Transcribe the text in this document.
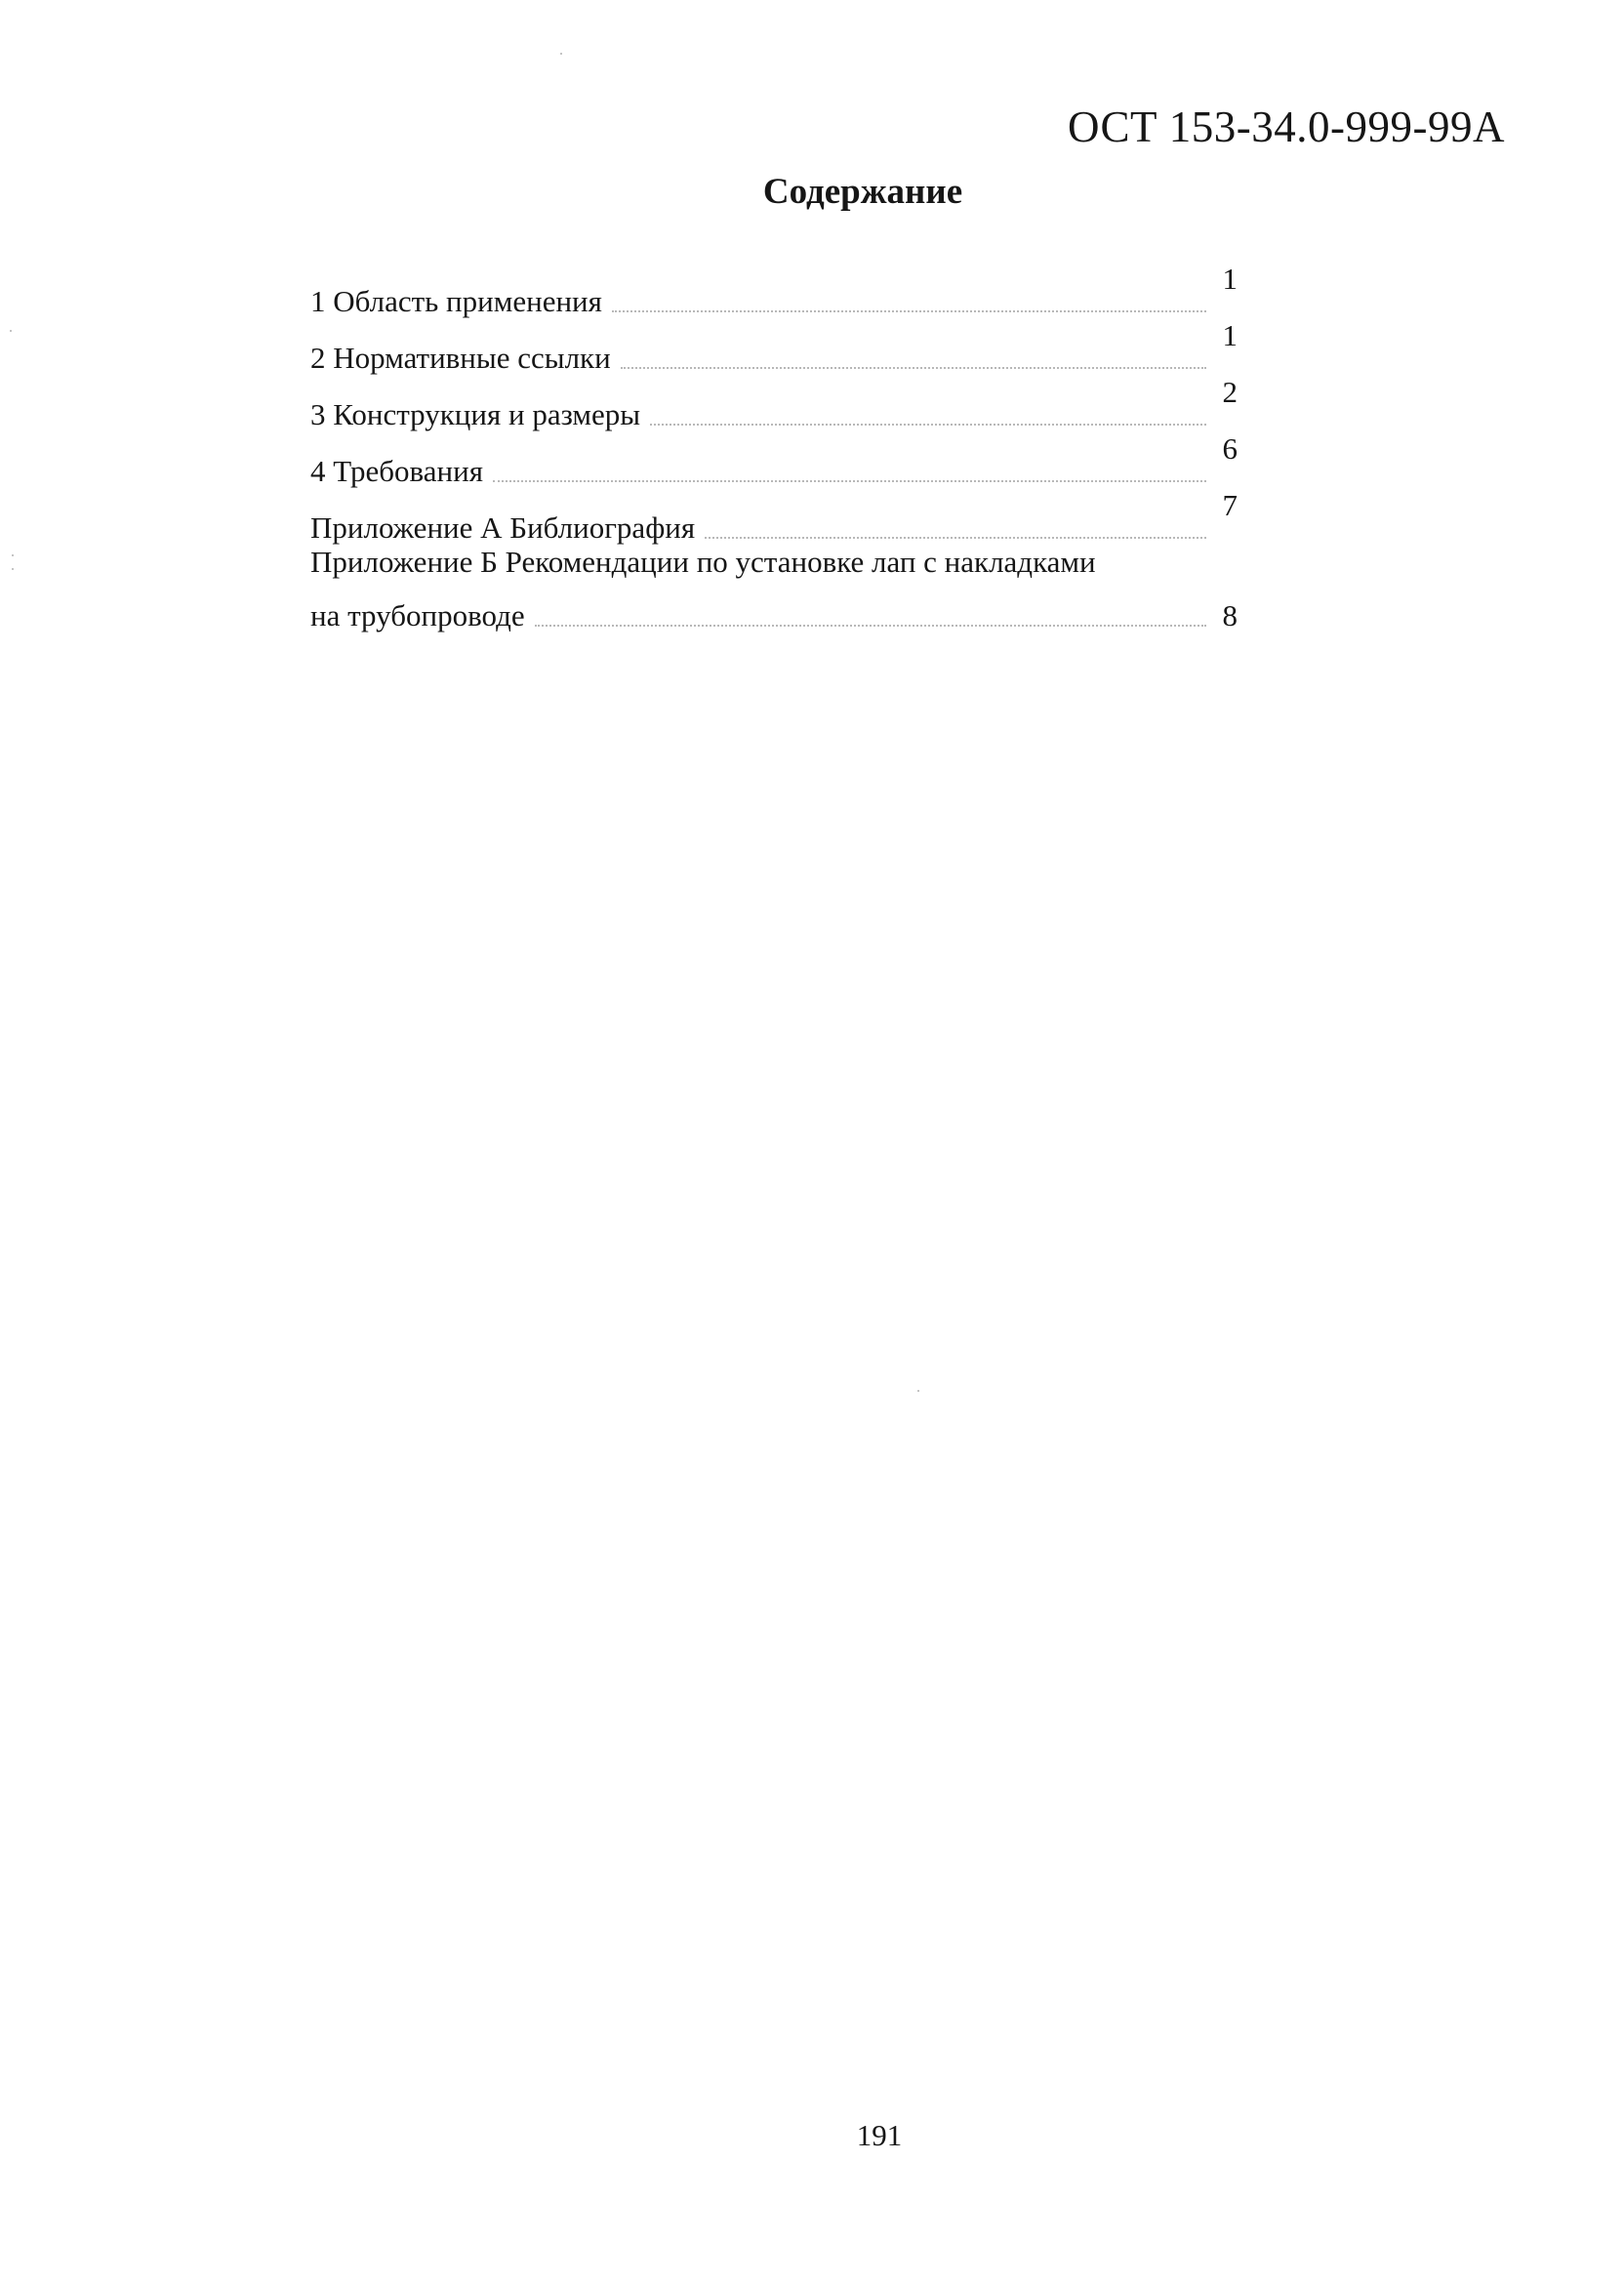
ОСТ 153-34.0-999-99А
Содержание
1 Область применения
1
2 Нормативные ссылки
1
3 Конструкция и размеры
2
4 Требования
6
Приложение А Библиография
7
Приложение Б Рекомендации по установке лап с накладками
на трубопроводе	8
191
